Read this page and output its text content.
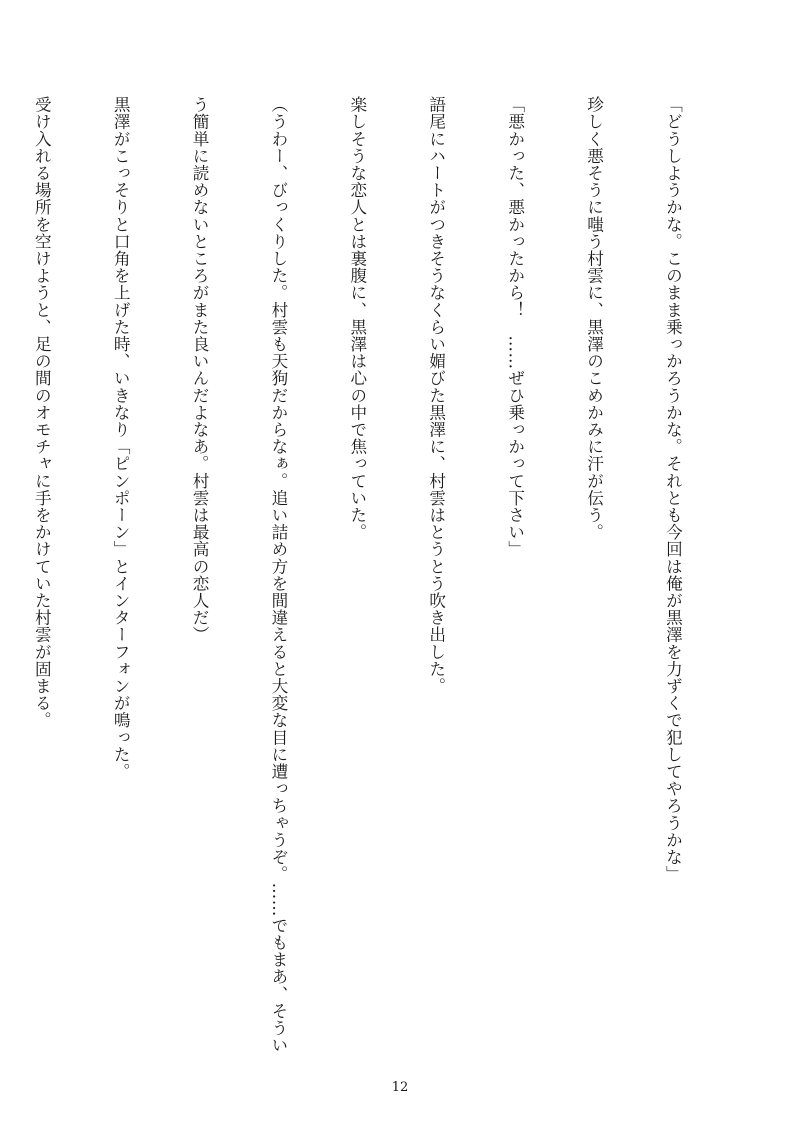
「どうしようかな。このまま乗っかろうかな。それとも今回は俺が黒澤を力ずくで犯してやろうかな」

珍しく悪そうに嗤う村雲に、黒澤のこめかみに汗が伝う。

「悪かった、悪かったから！　……ぜひ乗っかって下さい」

語尾にハートがつきそうなくらい媚びた黒澤に、村雲はとうとう吹き出した。

楽しそうな恋人とは裏腹に、黒澤は心の中で焦っていた。

（うわー、びっくりした。村雲も天狗だからなぁ。追い詰め方を間違えると大変な目に遭っちゃうぞ。……でもまあ、そうい

う簡単に読めないところがまた良いんだよなあ。村雲は最高の恋人だ）

黒澤がこっそりと口角を上げた時、いきなり「ピンポーン」とインターフォンが鳴った。

受け入れる場所を空けようと、足の間のオモチャに手をかけていた村雲が固まる。

12
